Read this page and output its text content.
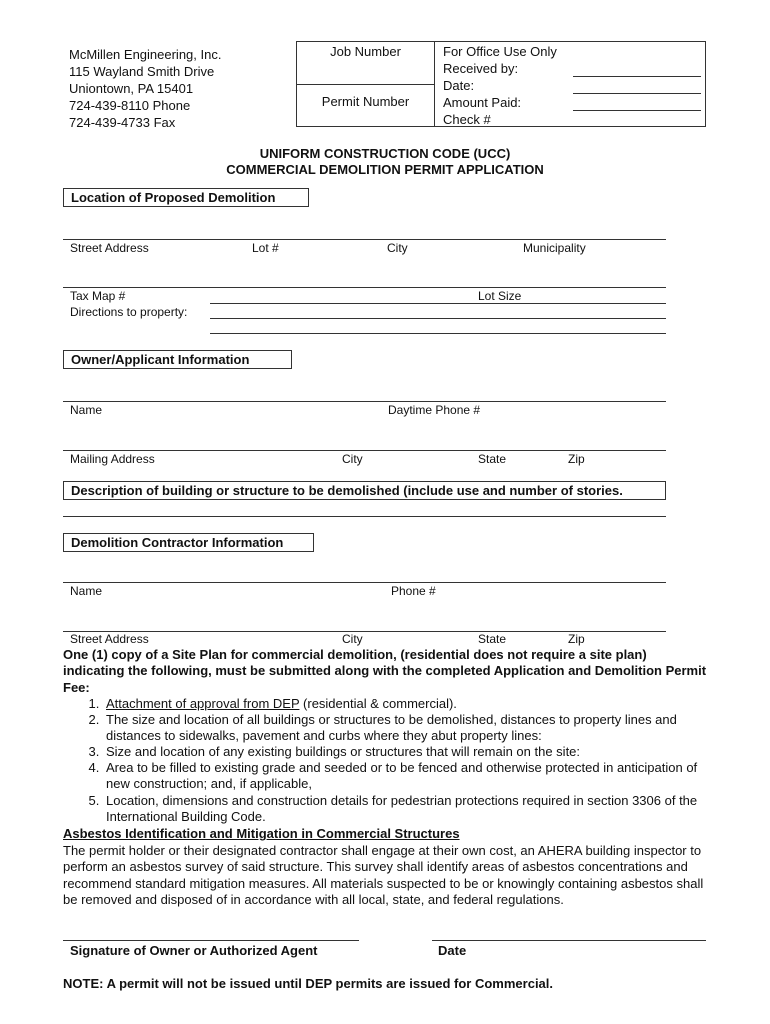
McMillen Engineering, Inc.
115 Wayland Smith Drive
Uniontown, PA 15401
724-439-8110 Phone
724-439-4733 Fax
Job Number
Permit Number
For Office Use Only
Received by:
Date:
Amount Paid:
Check #
UNIFORM CONSTRUCTION CODE (UCC)
COMMERCIAL DEMOLITION PERMIT APPLICATION
Location of Proposed Demolition
Street Address	Lot #	City	Municipality
Tax Map #	Lot Size
Directions to property:
Owner/Applicant Information
Name	Daytime Phone #
Mailing Address	City	State	Zip
Description of building or structure to be demolished (include use and number of stories.
Demolition Contractor Information
Name	Phone #
Street Address	City	State	Zip
One (1) copy of a Site Plan for commercial demolition, (residential does not require a site plan) indicating the following, must be submitted along with the completed Application and Demolition Permit Fee:
1. Attachment of approval from DEP (residential & commercial).
2. The size and location of all buildings or structures to be demolished, distances to property lines and distances to sidewalks, pavement and curbs where they abut property lines:
3. Size and location of any existing buildings or structures that will remain on the site:
4. Area to be filled to existing grade and seeded or to be fenced and otherwise protected in anticipation of new construction; and, if applicable,
5. Location, dimensions and construction details for pedestrian protections required in section 3306 of the International Building Code.
Asbestos Identification and Mitigation in Commercial Structures
The permit holder or their designated contractor shall engage at their own cost, an AHERA building inspector to perform an asbestos survey of said structure. This survey shall identify areas of asbestos concentrations and recommend standard mitigation measures. All materials suspected to be or knowingly containing asbestos shall be removed and disposed of in accordance with all local, state, and federal regulations.
Signature of Owner or Authorized Agent	Date
NOTE: A permit will not be issued until DEP permits are issued for Commercial.
